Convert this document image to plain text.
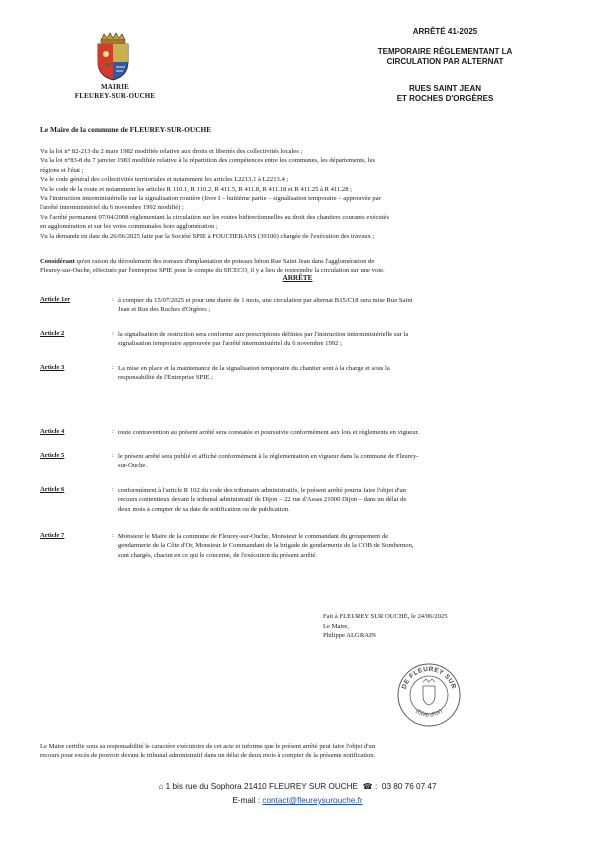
MAIRIE
FLEUREY-SUR-OUCHE
ARRÊTÉ 41-2025
TEMPORAIRE RÉGLEMENTANT LA
CIRCULATION PAR ALTERNAT
RUES SAINT JEAN
ET ROCHES D'ORGÈRES
Le Maire de la commune de FLEUREY-SUR-OUCHE

Vu la loi n° 82-213 du 2 mars 1982 modifiée relative aux droits et libertés des collectivités locales ;

Vu la loi n°83-8 du 7 janvier 1983 modifiée relative à la répartition des compétences entre les communes, les départements, les

régions et l'état ;

Vu le code général des collectivités territoriales et notamment les articles L2213.1 à L2213.4 ;

Vu le code de la route et notamment les articles R 110.1, R 110.2, R 411.5, R 411.8, R 411.18 et R 411.25 à R 411.28 ;

Vu l'instruction interministérielle sur la signalisation routière (livre I – huitième partie – signalisation temporaire – approuvée par

l'arrêté interministériel du 6 novembre 1992 modifié) ;

Vu l'arrêté permanent 07/04/2008 réglementant la circulation sur les routes bidirectionnelles au droit des chantiers courants exécutés

en agglomération et sur les voies communales hors agglomération ;

Vu la demande en date du 26/06/2025 faite par la Société SPIE à FOUCHERANS (39100) chargée de l'exécution des travaux ;

Considérant qu'en raison du déroulement des travaux d'implantation de poteaux béton Rue Saint Jean dans l'agglomération de

Fleurey-sur-Ouche, effectués par l'entreprise SPIE pour le compte du SICECO, il y a lieu de restreindre la circulation sur une voie.

ARRÊTE
Article 1er	: à compter du 15/07/2025 et pour une durée de 1 mois, une circulation par alternat B15/C18 sera mise Rue Saint
Jean et Rue des Roches d'Orgères ;
Article 2	: la signalisation de restriction sera conforme aux prescriptions définies par l'instruction interministérielle sur la
signalisation temporaire approuvée par l'arrêté interministériel du 6 novembre 1992 ;
Article 3	: La mise en place et la maintenance de la signalisation temporaire du chantier sont à la charge et sous la
responsabilité de l'Entreprise SPIE ;
Article 4	: toute contravention au présent arrêté sera constatée et poursuivie conformément aux lois et règlements en vigueur.
Article 5	: le présent arrêté sera publié et affiché conformément à la réglementation en vigueur dans la commune de Fleurey-
sur-Ouche.
Article 6	: conformément à l'article R 102 du code des tribunaux administratifs, le présent arrêté pourra faire l'objet d'un
recours contentieux devant le tribunal administratif de Dijon – 22 rue d'Assas 21000 Dijon – dans un délai de
deux mois à compter de sa date de notification ou de publication.
Article 7	: Monsieur le Maire de la commune de Fleurey-sur-Ouche, Monsieur le commandant du groupement de
gendarmerie de la Côte d'Or, Monsieur le Commandant de la brigade de gendarmerie de la COB de Sombernon,
sont chargés, chacun en ce qui le concerne, de l'exécution du présent arrêté.
Fait à FLEUREY SUR OUCHE, le 24/06/2025
Le Maire,
Philippe ALGRAIN
DE FLEUREY SUR
(Côte d'Or)
Le Maire certifie sous sa responsabilité le caractère exécutoire de cet acte et informe que le présent arrêté peut faire l'objet d'un
recours pour excès de pouvoir devant le tribunal administratif dans un délai de deux mois à compter de la présente notification.
⌂ 1 bis rue du Sophora 21410 FLEUREY SUR OUCHE  ☎ :  03 80 76 07 47
E-mail : contact@fleureysurouche.fr
